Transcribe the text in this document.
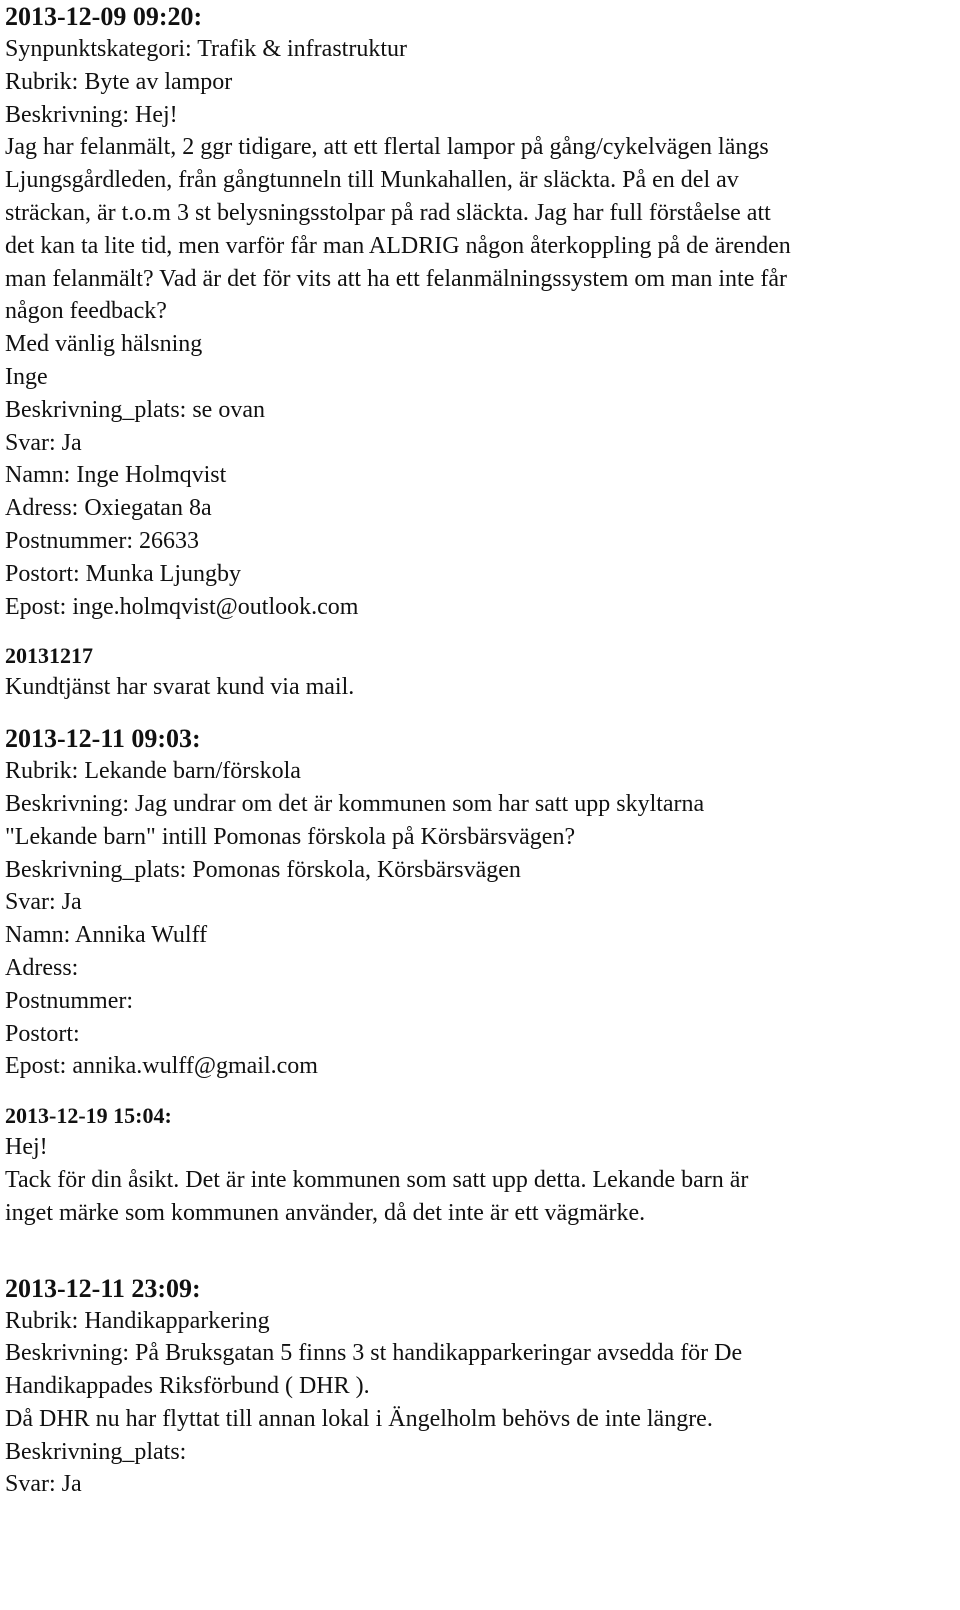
2013-12-09 09:20:
Synpunktskategori: Trafik & infrastruktur
Rubrik: Byte av lampor
Beskrivning: Hej!
Jag har felanmält, 2 ggr tidigare, att ett flertal lampor på gång/cykelvägen längs
Ljungsgårdleden, från gångtunneln till Munkahallen, är släckta. På en del av
sträckan, är t.o.m 3 st belysningsstolpar på rad släckta. Jag har full förståelse att
det kan ta lite tid, men varför får man ALDRIG någon återkoppling på de ärenden
man felanmält? Vad är det för vits att ha ett felanmälningssystem om man inte får
någon feedback?
Med vänlig hälsning
Inge
Beskrivning_plats: se ovan
Svar: Ja
Namn: Inge Holmqvist
Adress: Oxiegatan 8a
Postnummer: 26633
Postort: Munka Ljungby
Epost: inge.holmqvist@outlook.com
20131217
Kundtjänst har svarat kund via mail.
2013-12-11 09:03:
Rubrik: Lekande barn/förskola
Beskrivning: Jag undrar om det är kommunen som har satt upp skyltarna
"Lekande barn" intill Pomonas förskola på Körsbärsvägen?
Beskrivning_plats: Pomonas förskola, Körsbärsvägen
Svar: Ja
Namn: Annika Wulff
Adress:
Postnummer:
Postort:
Epost: annika.wulff@gmail.com
2013-12-19 15:04:
Hej!
Tack för din åsikt. Det är inte kommunen som satt upp detta. Lekande barn är
inget märke som kommunen använder, då det inte är ett vägmärke.
2013-12-11 23:09:
Rubrik: Handikapparkering
Beskrivning: På Bruksgatan 5 finns 3 st handikapparkeringar avsedda för De
Handikappades Riksförbund ( DHR ).
Då DHR nu har flyttat till annan lokal i Ängelholm behövs de inte längre.
Beskrivning_plats:
Svar: Ja
